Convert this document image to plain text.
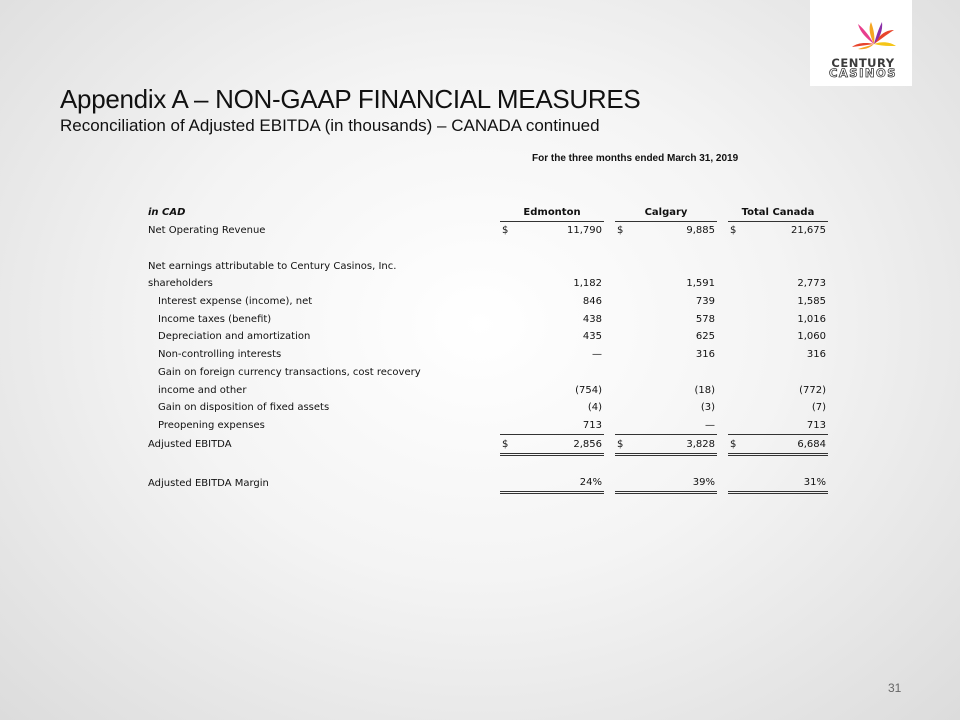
CENTURY
CASINOS
Appendix A – NON-GAAP FINANCIAL MEASURES
Reconciliation of Adjusted EBITDA (in thousands) – CANADA continued
For the three months ended March 31, 2019
in CAD	Edmonton			Calgary			Total Canada	
Net Operating Revenue	$	11,790		$	9,885		$	21,675

Net earnings attributable to Century Casinos, Inc.								
shareholders		1,182			1,591			2,773
Interest expense (income), net		846			739			1,585
Income taxes (benefit)		438			578			1,016
Depreciation and amortization		435			625			1,060
Non-controlling interests		—			316			316
Gain on foreign currency transactions, cost recovery								
income and other		(754)			(18)			(772)
Gain on disposition of fixed assets		(4)			(3)			(7)
Preopening expenses		713			—			713
Adjusted EBITDA	$	2,856		$	3,828		$	6,684

Adjusted EBITDA Margin		24%			39%			31%
31
